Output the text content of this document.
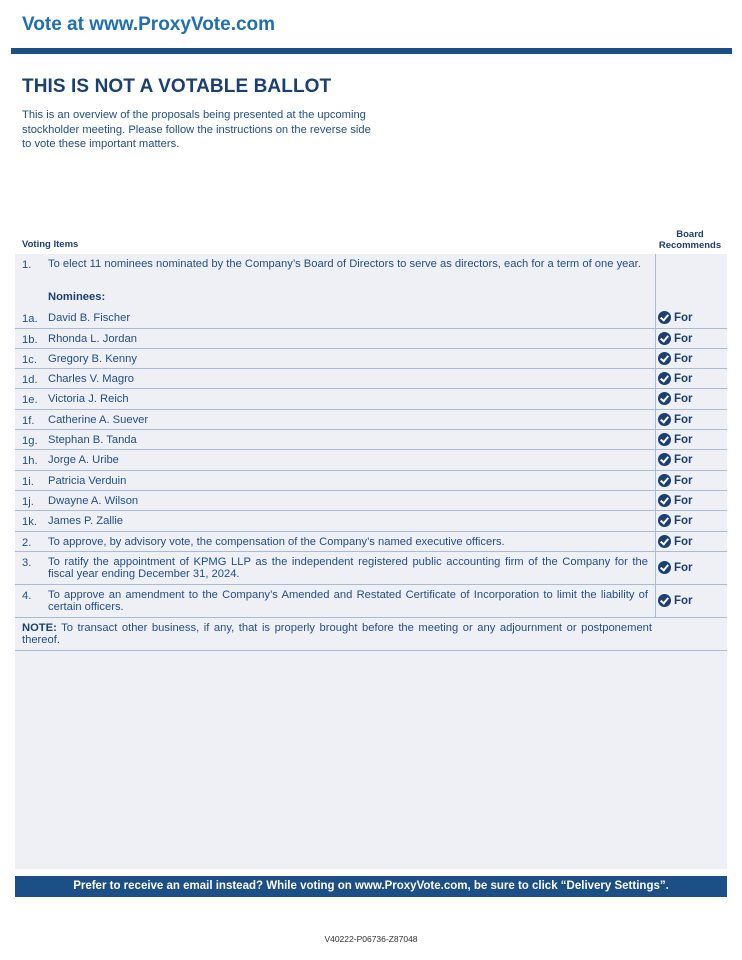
Vote at www.ProxyVote.com
THIS IS NOT A VOTABLE BALLOT
This is an overview of the proposals being presented at the upcoming stockholder meeting. Please follow the instructions on the reverse side to vote these important matters.
Voting Items
Board
Recommends
1. To elect 11 nominees nominated by the Company’s Board of Directors to serve as directors, each for a term of one year.
Nominees:
1a. David B. Fischer	For
1b. Rhonda L. Jordan	For
1c. Gregory B. Kenny	For
1d. Charles V. Magro	For
1e. Victoria J. Reich	For
1f. Catherine A. Suever	For
1g. Stephan B. Tanda	For
1h. Jorge A. Uribe	For
1i. Patricia Verduin	For
1j. Dwayne A. Wilson	For
1k. James P. Zallie	For
2. To approve, by advisory vote, the compensation of the Company’s named executive officers.	For
3. To ratify the appointment of KPMG LLP as the independent registered public accounting firm of the Company for the fiscal year ending December 31, 2024.	For
4. To approve an amendment to the Company’s Amended and Restated Certificate of Incorporation to limit the liability of certain officers.	For
NOTE: To transact other business, if any, that is properly brought before the meeting or any adjournment or postponement thereof.
Prefer to receive an email instead? While voting on www.ProxyVote.com, be sure to click “Delivery Settings”.
V40222-P06736-Z87048
